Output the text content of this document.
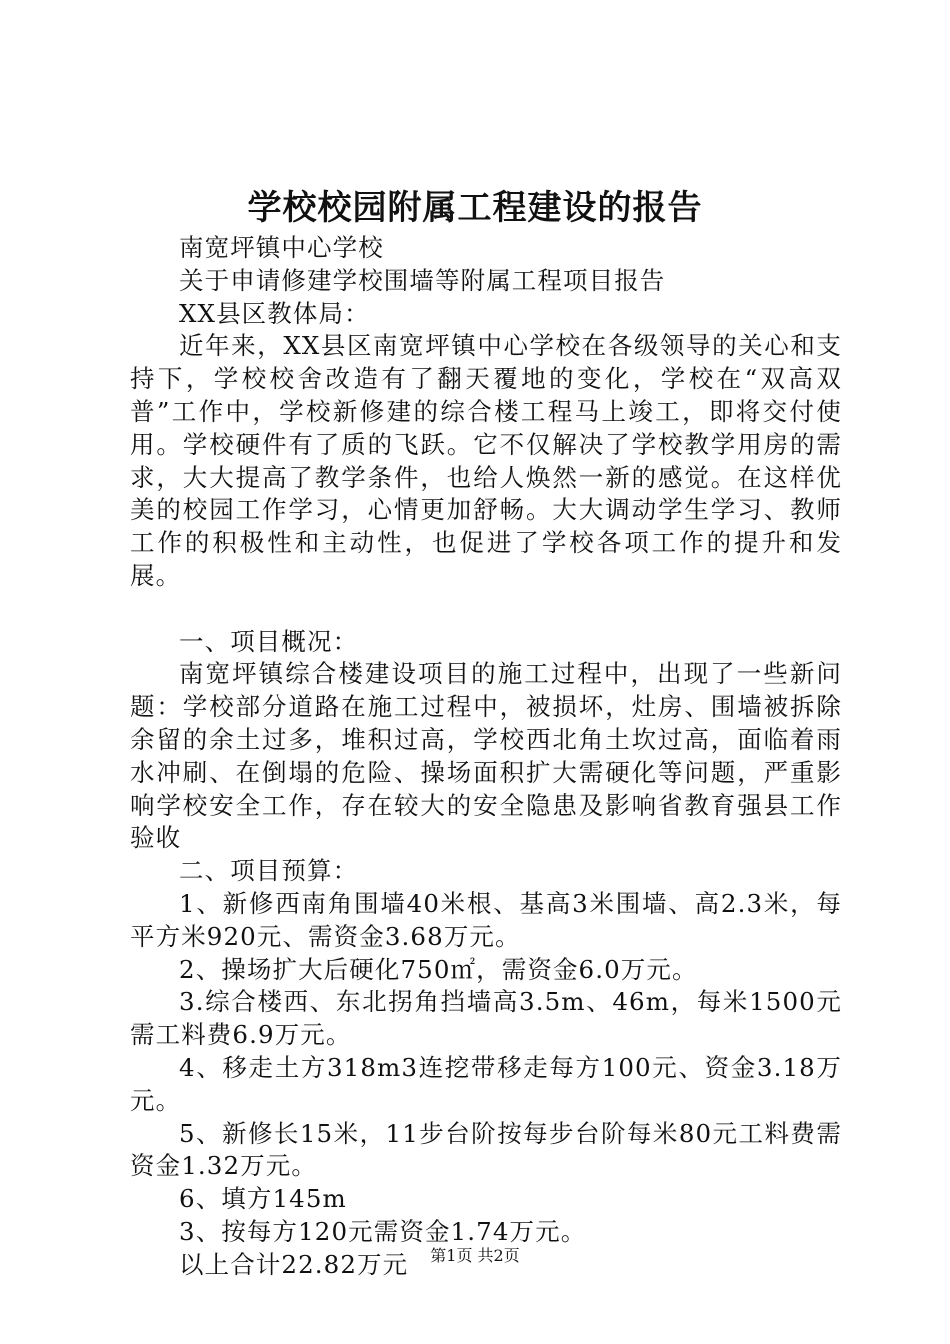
学校校园附属工程建设的报告

南宽坪镇中心学校

关于申请修建学校围墙等附属工程项目报告

XX县区教体局：

近年来，XX县区南宽坪镇中心学校在各级领导的关心和支持下，学校校舍改造有了翻天覆地的变化，学校在“双高双普”工作中，学校新修建的综合楼工程马上竣工，即将交付使用。学校硬件有了质的飞跃。它不仅解决了学校教学用房的需求，大大提高了教学条件，也给人焕然一新的感觉。在这样优美的校园工作学习，心情更加舒畅。大大调动学生学习、教师工作的积极性和主动性，也促进了学校各项工作的提升和发展。

一、项目概况：

南宽坪镇综合楼建设项目的施工过程中，出现了一些新问题：学校部分道路在施工过程中，被损坏，灶房、围墙被拆除余留的余土过多，堆积过高，学校西北角土坎过高，面临着雨水冲刷、在倒塌的危险、操场面积扩大需硬化等问题，严重影响学校安全工作，存在较大的安全隐患及影响省教育强县工作验收

二、项目预算：

1、新修西南角围墙40米根、基高3米围墙、高2.3米，每平方米920元、需资金3.68万元。

2、操场扩大后硬化750㎡，需资金6.0万元。

3.综合楼西、东北拐角挡墙高3.5m、46m，每米1500元需工料费6.9万元。

4、移走土方318m3连挖带移走每方100元、资金3.18万元。

5、新修长15米，11步台阶按每步台阶每米80元工料费需资金1.32万元。

6、填方145m

3、按每方120元需资金1.74万元。

以上合计22.82万元	第1页 共2页
